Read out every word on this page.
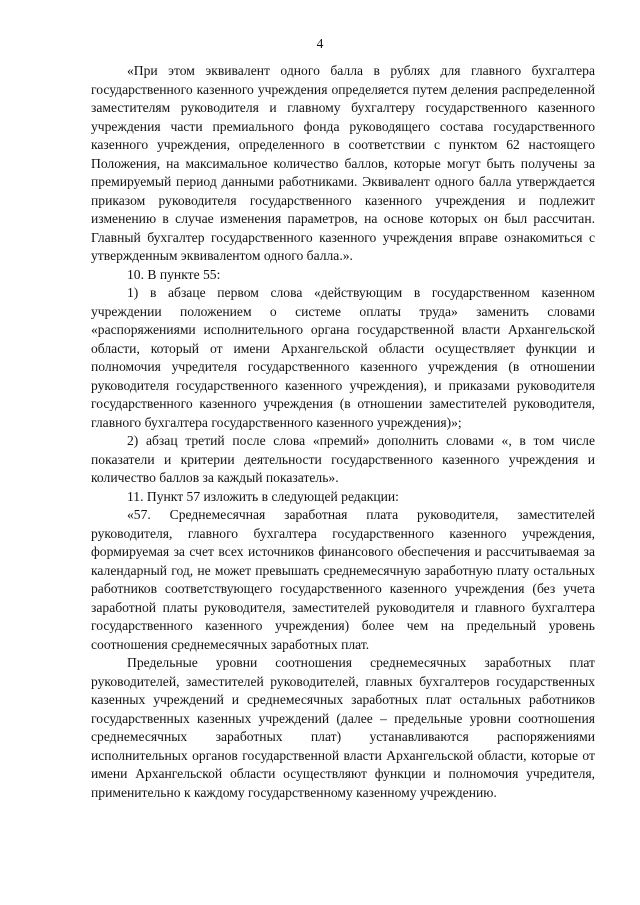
4

«При этом эквивалент одного балла в рублях для главного бухгалтера государственного казенного учреждения определяется путем деления распределенной заместителям руководителя и главному бухгалтеру государственного казенного учреждения части премиального фонда руководящего состава государственного казенного учреждения, определенного в соответствии с пунктом 62 настоящего Положения, на максимальное количество баллов, которые могут быть получены за премируемый период данными работниками. Эквивалент одного балла утверждается приказом руководителя государственного казенного учреждения и подлежит изменению в случае изменения параметров, на основе которых он был рассчитан. Главный бухгалтер государственного казенного учреждения вправе ознакомиться с утвержденным эквивалентом одного балла.».

10. В пункте 55:

1) в абзаце первом слова «действующим в государственном казенном учреждении положением о системе оплаты труда» заменить словами «распоряжениями исполнительного органа государственной власти Архангельской области, который от имени Архангельской области осуществляет функции и полномочия учредителя государственного казенного учреждения (в отношении руководителя государственного казенного учреждения), и приказами руководителя государственного казенного учреждения (в отношении заместителей руководителя, главного бухгалтера государственного казенного учреждения)»;

2) абзац третий после слова «премий» дополнить словами «, в том числе показатели и критерии деятельности государственного казенного учреждения и количество баллов за каждый показатель».

11. Пункт 57 изложить в следующей редакции:

«57. Среднемесячная заработная плата руководителя, заместителей руководителя, главного бухгалтера государственного казенного учреждения, формируемая за счет всех источников финансового обеспечения и рассчитываемая за календарный год, не может превышать среднемесячную заработную плату остальных работников соответствующего государственного казенного учреждения (без учета заработной платы руководителя, заместителей руководителя и главного бухгалтера государственного казенного учреждения) более чем на предельный уровень соотношения среднемесячных заработных плат.

Предельные уровни соотношения среднемесячных заработных плат руководителей, заместителей руководителей, главных бухгалтеров государственных казенных учреждений и среднемесячных заработных плат остальных работников государственных казенных учреждений (далее – предельные уровни соотношения среднемесячных заработных плат) устанавливаются распоряжениями исполнительных органов государственной власти Архангельской области, которые от имени Архангельской области осуществляют функции и полномочия учредителя, применительно к каждому государственному казенному учреждению.
